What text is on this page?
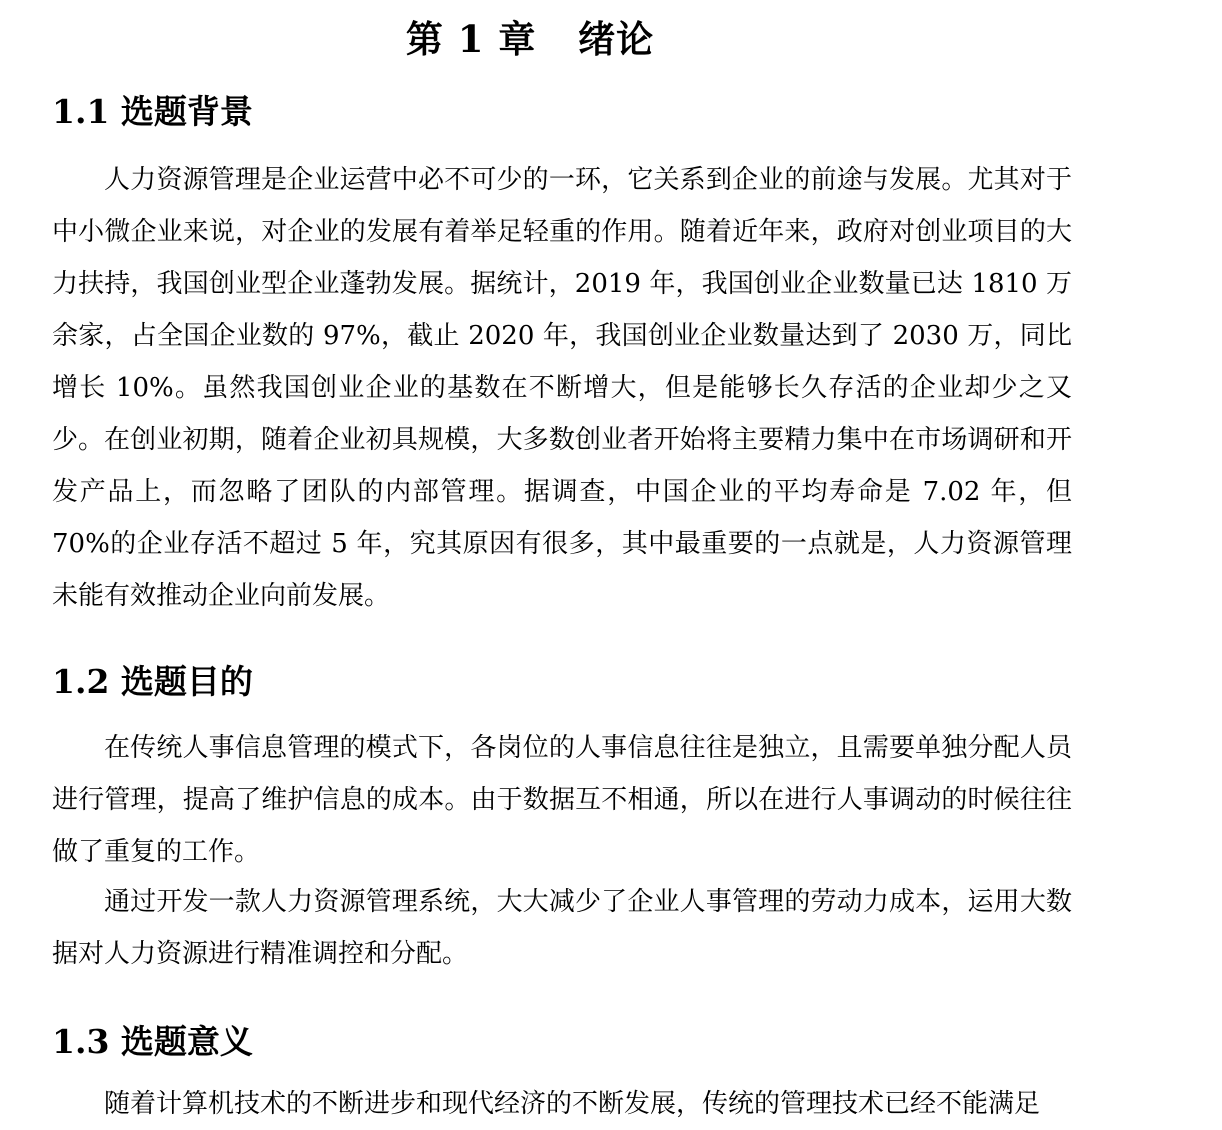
第 1 章   绪论
1.1 选题背景

人力资源管理是企业运营中必不可少的一环，它关系到企业的前途与发展。尤其对于中小微企业来说，对企业的发展有着举足轻重的作用。随着近年来，政府对创业项目的大力扶持，我国创业型企业蓬勃发展。据统计，2019 年，我国创业企业数量已达 1810 万余家，占全国企业数的 97%，截止 2020 年，我国创业企业数量达到了 2030 万，同比增长 10%。虽然我国创业企业的基数在不断增大，但是能够长久存活的企业却少之又少。 在创业初期，随着企业初具规模，大多数创业者开始将主要精力集中在市场调研和开发产品上，而忽略了团队的内部管理。据调查，中国企业的平均寿命是 7.02 年，但 70%的企业存活不超过 5 年，究其原因有很多，其中最重要的一点就是，人力资源管理未能有效推动企业向前发展。

1.2 选题目的

在传统人事信息管理的模式下，各岗位的人事信息往往是独立，且需要单独分配人员进行管理，提高了维护信息的成本。由于数据互不相通，所以在进行人事调动的时候往往做了重复的工作。

通过开发一款人力资源管理系统，大大减少了企业人事管理的劳动力成本，运用大数据对人力资源进行精准调控和分配。

1.3 选题意义

随着计算机技术的不断进步和现代经济的不断发展，传统的管理技术已经不能满足
